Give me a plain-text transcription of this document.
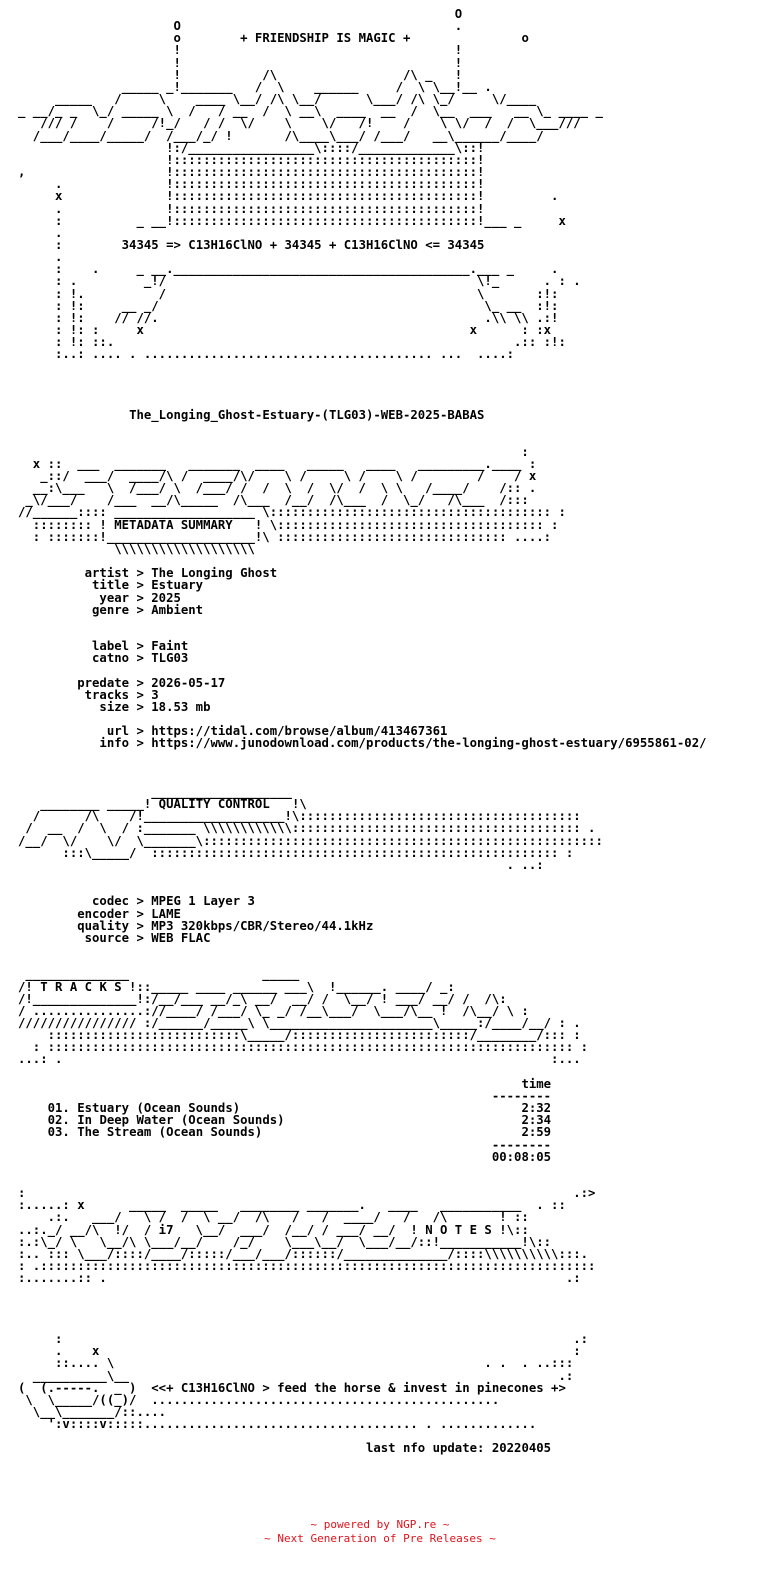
O
O                                     .
o        + FRIENDSHIP IS MAGIC +               o
!                                     !
!                                     !
!           /\                 /\ _   !
_____ _!_______   /  \    ______     /  \ \__!__ .
_____   /     \    ____ \__/ /\ \__/      \___/ /\ \_/     \/____
_ __/_ _  \_/ _____ \  /   / __  /  \ __\  ____  __  /  \__  ___   __ \_ ____ _
/// /    /     /!_/   / /  \/    \    \/   /!    /    \ \/  /  /  \___///
/___/____/_____/  /___/_/ !       /\____\___/ /___/   __\______/____/
!:/_________________\::::/_____________\::!
!:::::::::::::::::::::::::::::::::::::::::!
,                   !:::::::::::::::::::::::::::::::::::::::::!
.              !:::::::::::::::::::::::::::::::::::::::::!
x              !:::::::::::::::::::::::::::::::::::::::::!         .
.              !:::::::::::::::::::::::::::::::::::::::::!
:          _ __!:::::::::::::::::::::::::::::::::::::::::!___ _     x
.
:        34345 => C13H16ClNO + 34345 + C13H16ClNO <= 34345
.
:    .     _ __.________________________________________.___ _     .
: .         _!/                                          \!_      . : .
: !.          /                                          \       :!:
: !:     __ _/                                            \_ __  :!:
: !:    // //.                                            .\\ \\ .:!
: !: :     x                                            x      : :x
: !: ::.                                                      .:: :!:
:..: .... . ....................................... ...  ....:

The_Longing_Ghost-Estuary-(TLG03)-WEB-2025-BABAS

:
x ::  ___  _______   _______  ____   _____   ____   _________.____ :
_::/  ___/  ____/\ /  ____/\/    \ /     \ /    \ /        /    / x
__:\___   \  /___/ \  /___/ /  /  \  /  \/  /  \ \   /____/    /:: .
_\/___/    /___  __/\_____  /\___  /__/  /\___  /  \_/   /\___  /:::
//______:::: ___________________ \:::::::::::::::::::::::::::::::::::::: :
:::::::: ! METADATA SUMMARY   ! \:::::::::::::::::::::::::::::::::::: :
: :::::::!____________________!\ ::::::::::::::::::::::::::::::: ....:
\\\\\\\\\\\\\\\\\\\

artist > The Longing Ghost
title > Estuary
year > 2025
genre > Ambient

label > Faint
catno > TLG03

predate > 2026-05-17
tracks > 3
size > 18.53 mb

url > https://tidal.com/browse/album/413467361
info > https://www.junodownload.com/products/the-longing-ghost-estuary/6955861-02/

___________________
________ _____! QUALITY CONTROL   !\
/      /\    /!___________________!\::::::::::::::::::::::::::::::::::::::
/  __  /  \  / :_______ \\\\\\\\\\\\::::::::::::::::::::::::::::::::::::::: .
/__/  \/    \/  \_______\::::::::::::::::::::::::::::::::::::::::::::::::::::::
:::\_____/  ::::::::::::::::::::::::::::::::::::::::::::::::::::::: :
. ..:

codec > MPEG 1 Layer 3
encoder > LAME
quality > MP3 320kbps/CBR/Stereo/44.1kHz
source > WEB FLAC

______________                  _____
/! T R A C K S !::_____ ____ ______ ___\  !______. ____/ _:
/!______________!:/__/___ __/_\ __/  __/ /  \__/ ! ___/ __/ /  /\:
/ ...............://____/ /___/ \_ _/ /__\___/  \___/\__ !  /\__/ \ :
//////////////// :/______/_____\ \______________________\_____:/____/__/ : .
::::::::::::::::::::::::::\_____/::::::::::::::::::::::::/________/::: :
: ::::::::::::::::::::::::::::::::::::::::::::::::::::::::::::::::::::::: :
...: .                                                                  :...

time
--------
01. Estuary (Ocean Sounds)	2:32
02. In Deep Water (Ocean Sounds)	2:34
03. The Stream (Ocean Sounds)	2:59
--------
00:08:05

:                                                                          .:>
:.....: x      _____  _____   ________ _______.   ____   ___________  . ::
.:.   ___/   \ /  /  \ __/  /\   /   /  ____/   /   /\       ! ::
..:._/ __/\  !/  / i7   \__/  ___/  /__/ / ___/ __/  ! N O T E S !\::
:.:\_/ \   \__/\ \___/__/    /_/    \___\__/  \___/__/::!___________!\::
:.. ::: \___/::::/____/:::::/___/___/::::::/______________/::::\\\\\\\\\\:::.
: .:::::::::::::::::::::::::::::::::::::::::::::::::::::::::::::::::::::::::::
:.......:: .                                                              .:

:                                                                     .:
.    x                                                                :
::.... \                                                  . .  . ..:::
__________\__                                                          .:
(  (.-----.  _ )  <<+ C13H16ClNO > feed the horse & invest in pinecones +>
\  \_____/((_)/  ...............................................
\__\_______/::....
':v::::v:::::..................................... . .............

last nfo update: 20220405

~ powered by NGP.re ~
~ Next Generation of Pre Releases ~
